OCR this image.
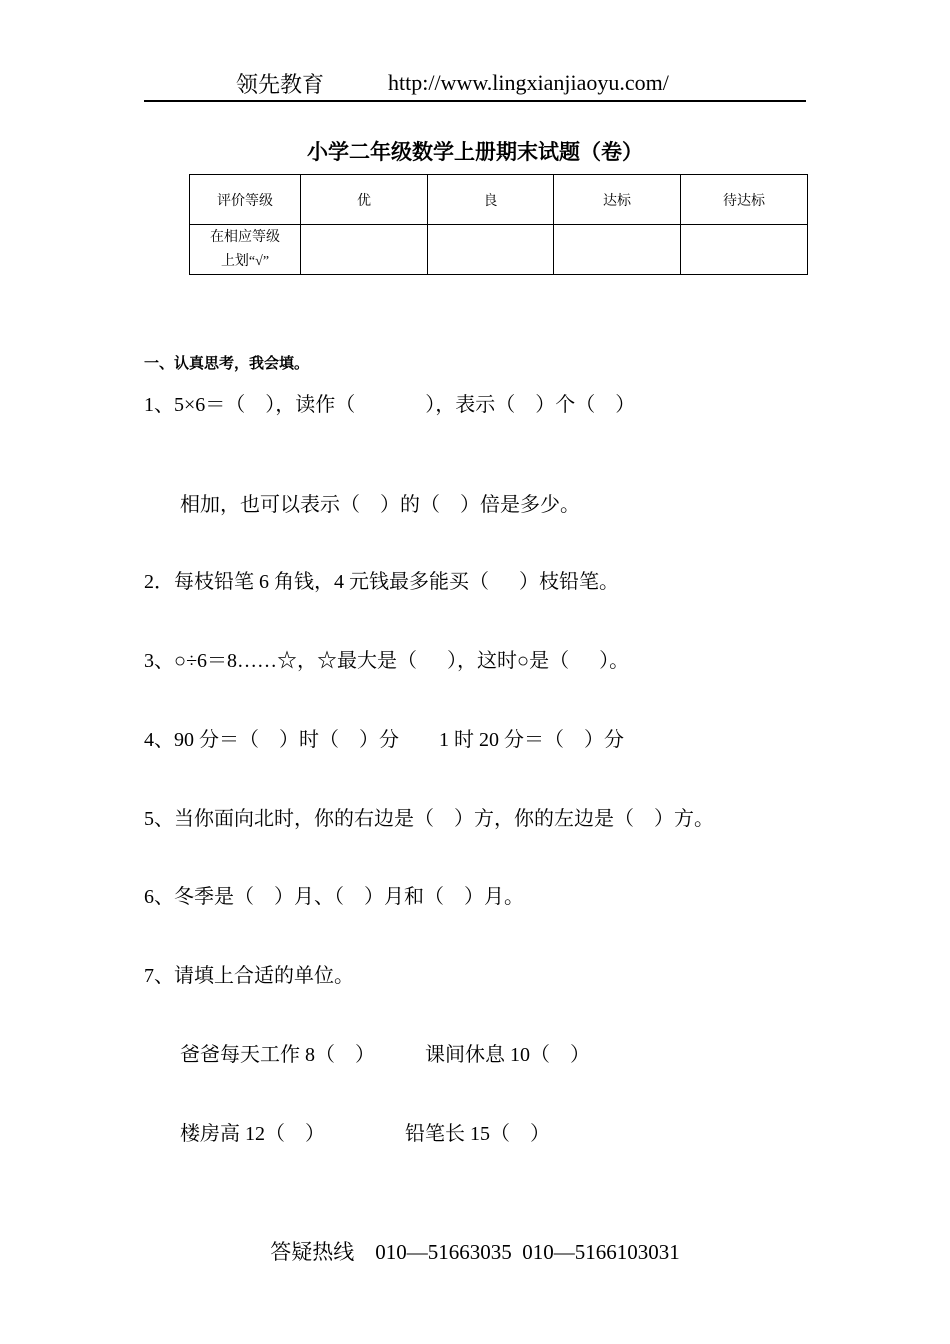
领先教育	http://www.lingxianjiaoyu.com/
小学二年级数学上册期末试题（卷）
评价等级	优	良	达标	待达标
在相应等级
上划“√”				
一、认真思考，我会填。
1、5×6＝（    ），读作（              ），表示（    ）个（    ）
相加，也可以表示（    ）的（    ）倍是多少。
2．每枝铅笔 6 角钱，4 元钱最多能买（      ）枝铅笔。
3、○÷6＝8……☆，☆最大是（      ），这时○是（      ）。
4、90 分＝（    ）时（    ）分        1 时 20 分＝（    ）分
5、当你面向北时，你的右边是（    ）方，你的左边是（    ）方。
6、冬季是（    ）月、（    ）月和（    ）月。
7、请填上合适的单位。
爸爸每天工作 8（    ）          课间休息 10（    ）
楼房高 12（    ）                铅笔长 15（    ）
答疑热线    010—51663035  010—5166103031
